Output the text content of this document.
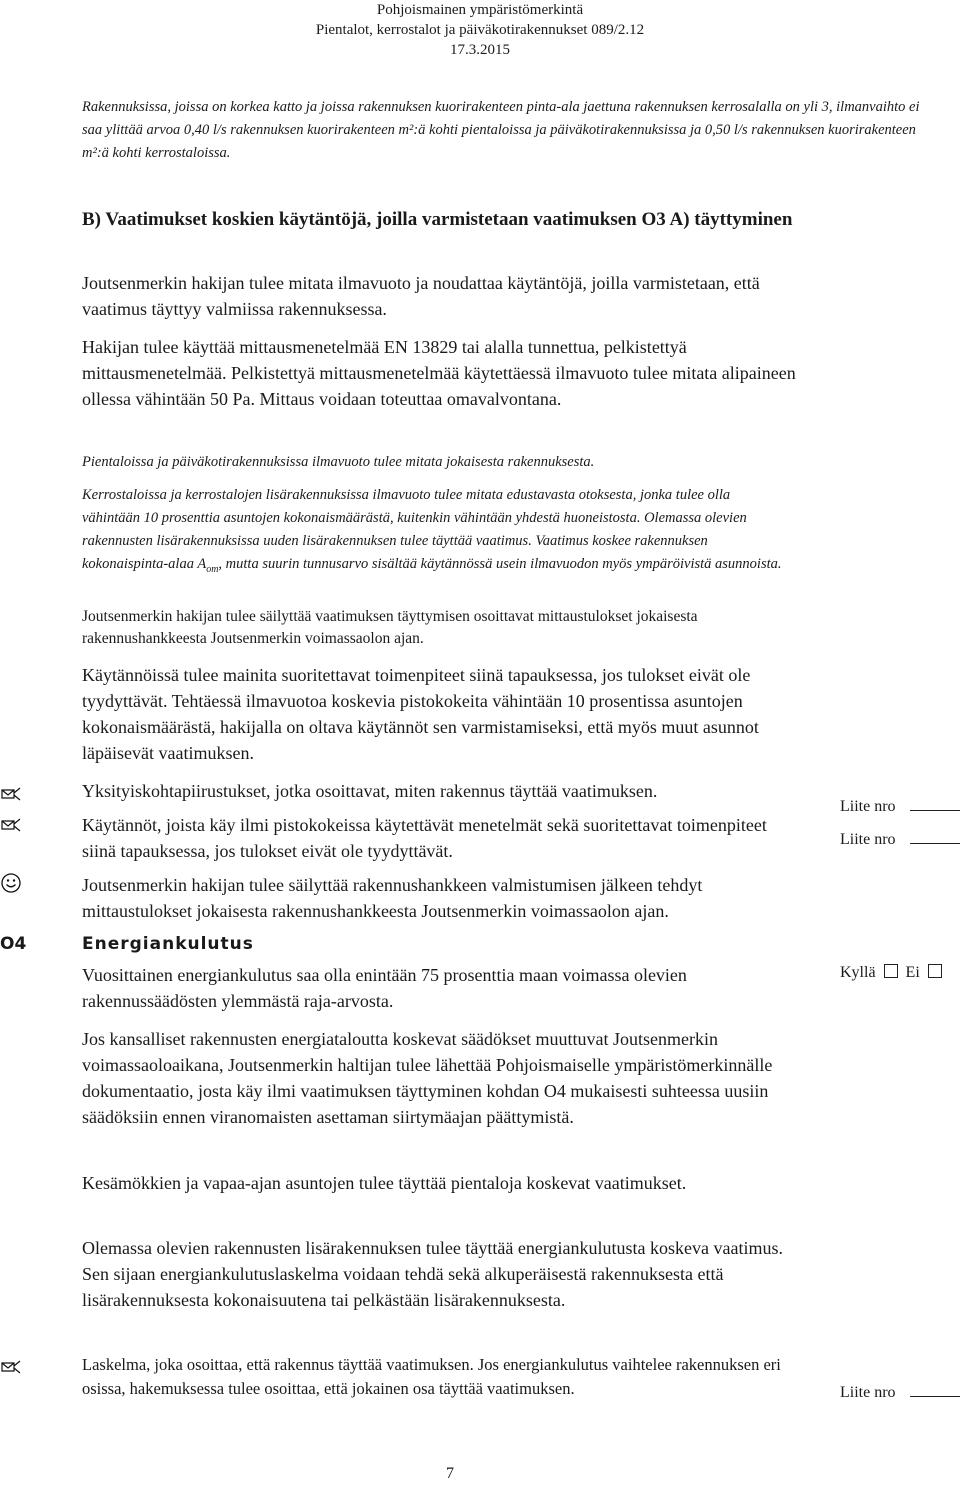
Pohjoismainen ympäristömerkintä
Pientalot, kerrostalot ja päiväkotirakennukset 089/2.12
17.3.2015
Rakennuksissa, joissa on korkea katto ja joissa rakennuksen kuorirakenteen pinta-ala jaettuna rakennuksen kerrosalalla on yli 3, ilmanvaihto ei saa ylittää arvoa 0,40 l/s rakennuksen kuorirakenteen m²:ä kohti pientaloissa ja päiväkotirakennuksissa ja 0,50 l/s rakennuksen kuorirakenteen m²:ä kohti kerrostaloissa.
B) Vaatimukset koskien käytäntöjä, joilla varmistetaan vaatimuksen O3 A) täyttyminen
Joutsenmerkin hakijan tulee mitata ilmavuoto ja noudattaa käytäntöjä, joilla varmistetaan, että vaatimus täyttyy valmiissa rakennuksessa.
Hakijan tulee käyttää mittausmenetelmää EN 13829 tai alalla tunnettua, pelkistettyä mittausmenetelmää. Pelkistettyä mittausmenetelmää käytettäessä ilmavuoto tulee mitata alipaineen ollessa vähintään 50 Pa. Mittaus voidaan toteuttaa omavalvontana.
Pientaloissa ja päiväkotirakennuksissa ilmavuoto tulee mitata jokaisesta rakennuksesta.
Kerrostaloissa ja kerrostalojen lisärakennuksissa ilmavuoto tulee mitata edustavasta otoksesta, jonka tulee olla vähintään 10 prosenttia asuntojen kokonaismäärästä, kuitenkin vähintään yhdestä huoneistosta. Olemassa olevien rakennusten lisärakennuksissa uuden lisärakennuksen tulee täyttää vaatimus. Vaatimus koskee rakennuksen kokonaispinta-alaa $A_{om}$, mutta suurin tunnusarvo sisältää käytännössä usein ilmavuodon myös ympäröivistä asunnoista.
Joutsenmerkin hakijan tulee säilyttää vaatimuksen täyttymisen osoittavat mittaustulokset jokaisesta rakennushankkeesta Joutsenmerkin voimassaolon ajan.
Käytännöissä tulee mainita suoritettavat toimenpiteet siinä tapauksessa, jos tulokset eivät ole tyydyttävät. Tehtäessä ilmavuotoa koskevia pistokokeita vähintään 10 prosentissa asuntojen kokonaismäärästä, hakijalla on oltava käytännöt sen varmistamiseksi, että myös muut asunnot läpäisevät vaatimuksen.
Yksityiskohtapiirustukset, jotka osoittavat, miten rakennus täyttää vaatimuksen.
Käytännöt, joista käy ilmi pistokokeissa käytettävät menetelmät sekä suoritettavat toimenpiteet siinä tapauksessa, jos tulokset eivät ole tyydyttävät.
Joutsenmerkin hakijan tulee säilyttää rakennushankkeen valmistumisen jälkeen tehdyt mittaustulokset jokaisesta rakennushankkeesta Joutsenmerkin voimassaolon ajan.
Liite nro
Liite nro
O4	Energiankulutus
Kyllä Ei
Vuosittainen energiankulutus saa olla enintään 75 prosenttia maan voimassa olevien rakennussäädösten ylemmästä raja-arvosta.
Jos kansalliset rakennusten energiataloutta koskevat säädökset muuttuvat Joutsenmerkin voimassaoloaikana, Joutsenmerkin haltijan tulee lähettää Pohjoismaiselle ympäristömerkinnälle dokumentaatio, josta käy ilmi vaatimuksen täyttyminen kohdan O4 mukaisesti suhteessa uusiin säädöksiin ennen viranomaisten asettaman siirtymäajan päättymistä.
Kesämökkien ja vapaa-ajan asuntojen tulee täyttää pientaloja koskevat vaatimukset.
Olemassa olevien rakennusten lisärakennuksen tulee täyttää energiankulutusta koskeva vaatimus. Sen sijaan energiankulutuslaskelma voidaan tehdä sekä alkuperäisestä rakennuksesta että lisärakennuksesta kokonaisuutena tai pelkästään lisärakennuksesta.
Laskelma, joka osoittaa, että rakennus täyttää vaatimuksen. Jos energiankulutus vaihtelee rakennuksen eri osissa, hakemuksessa tulee osoittaa, että jokainen osa täyttää vaatimuksen.	Liite nro
7
